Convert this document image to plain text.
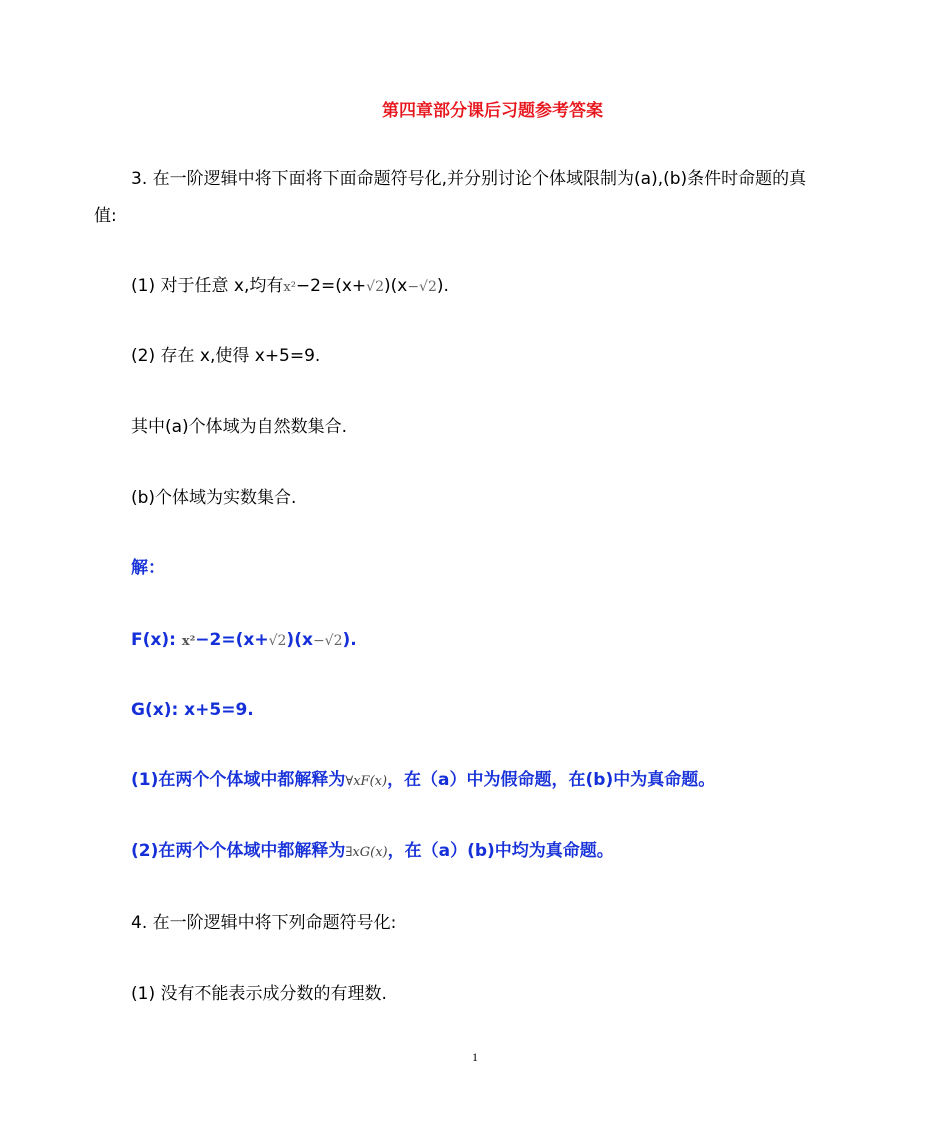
第四章部分课后习题参考答案
3. 在一阶逻辑中将下面将下面命题符号化,并分别讨论个体域限制为(a),(b)条件时命题的真
值:
(1) 对于任意 x,均有x²−2=(x+√2)(x−√2).
(2) 存在 x,使得 x+5=9.
其中(a)个体域为自然数集合.
(b)个体域为实数集合.
解：
F(x): x²−2=(x+√2)(x−√2).
G(x): x+5=9.
(1)在两个个体域中都解释为∀xF(x)，在（a）中为假命题，在(b)中为真命题。
(2)在两个个体域中都解释为∃xG(x)，在（a）(b)中均为真命题。
4. 在一阶逻辑中将下列命题符号化:
(1) 没有不能表示成分数的有理数.
1
